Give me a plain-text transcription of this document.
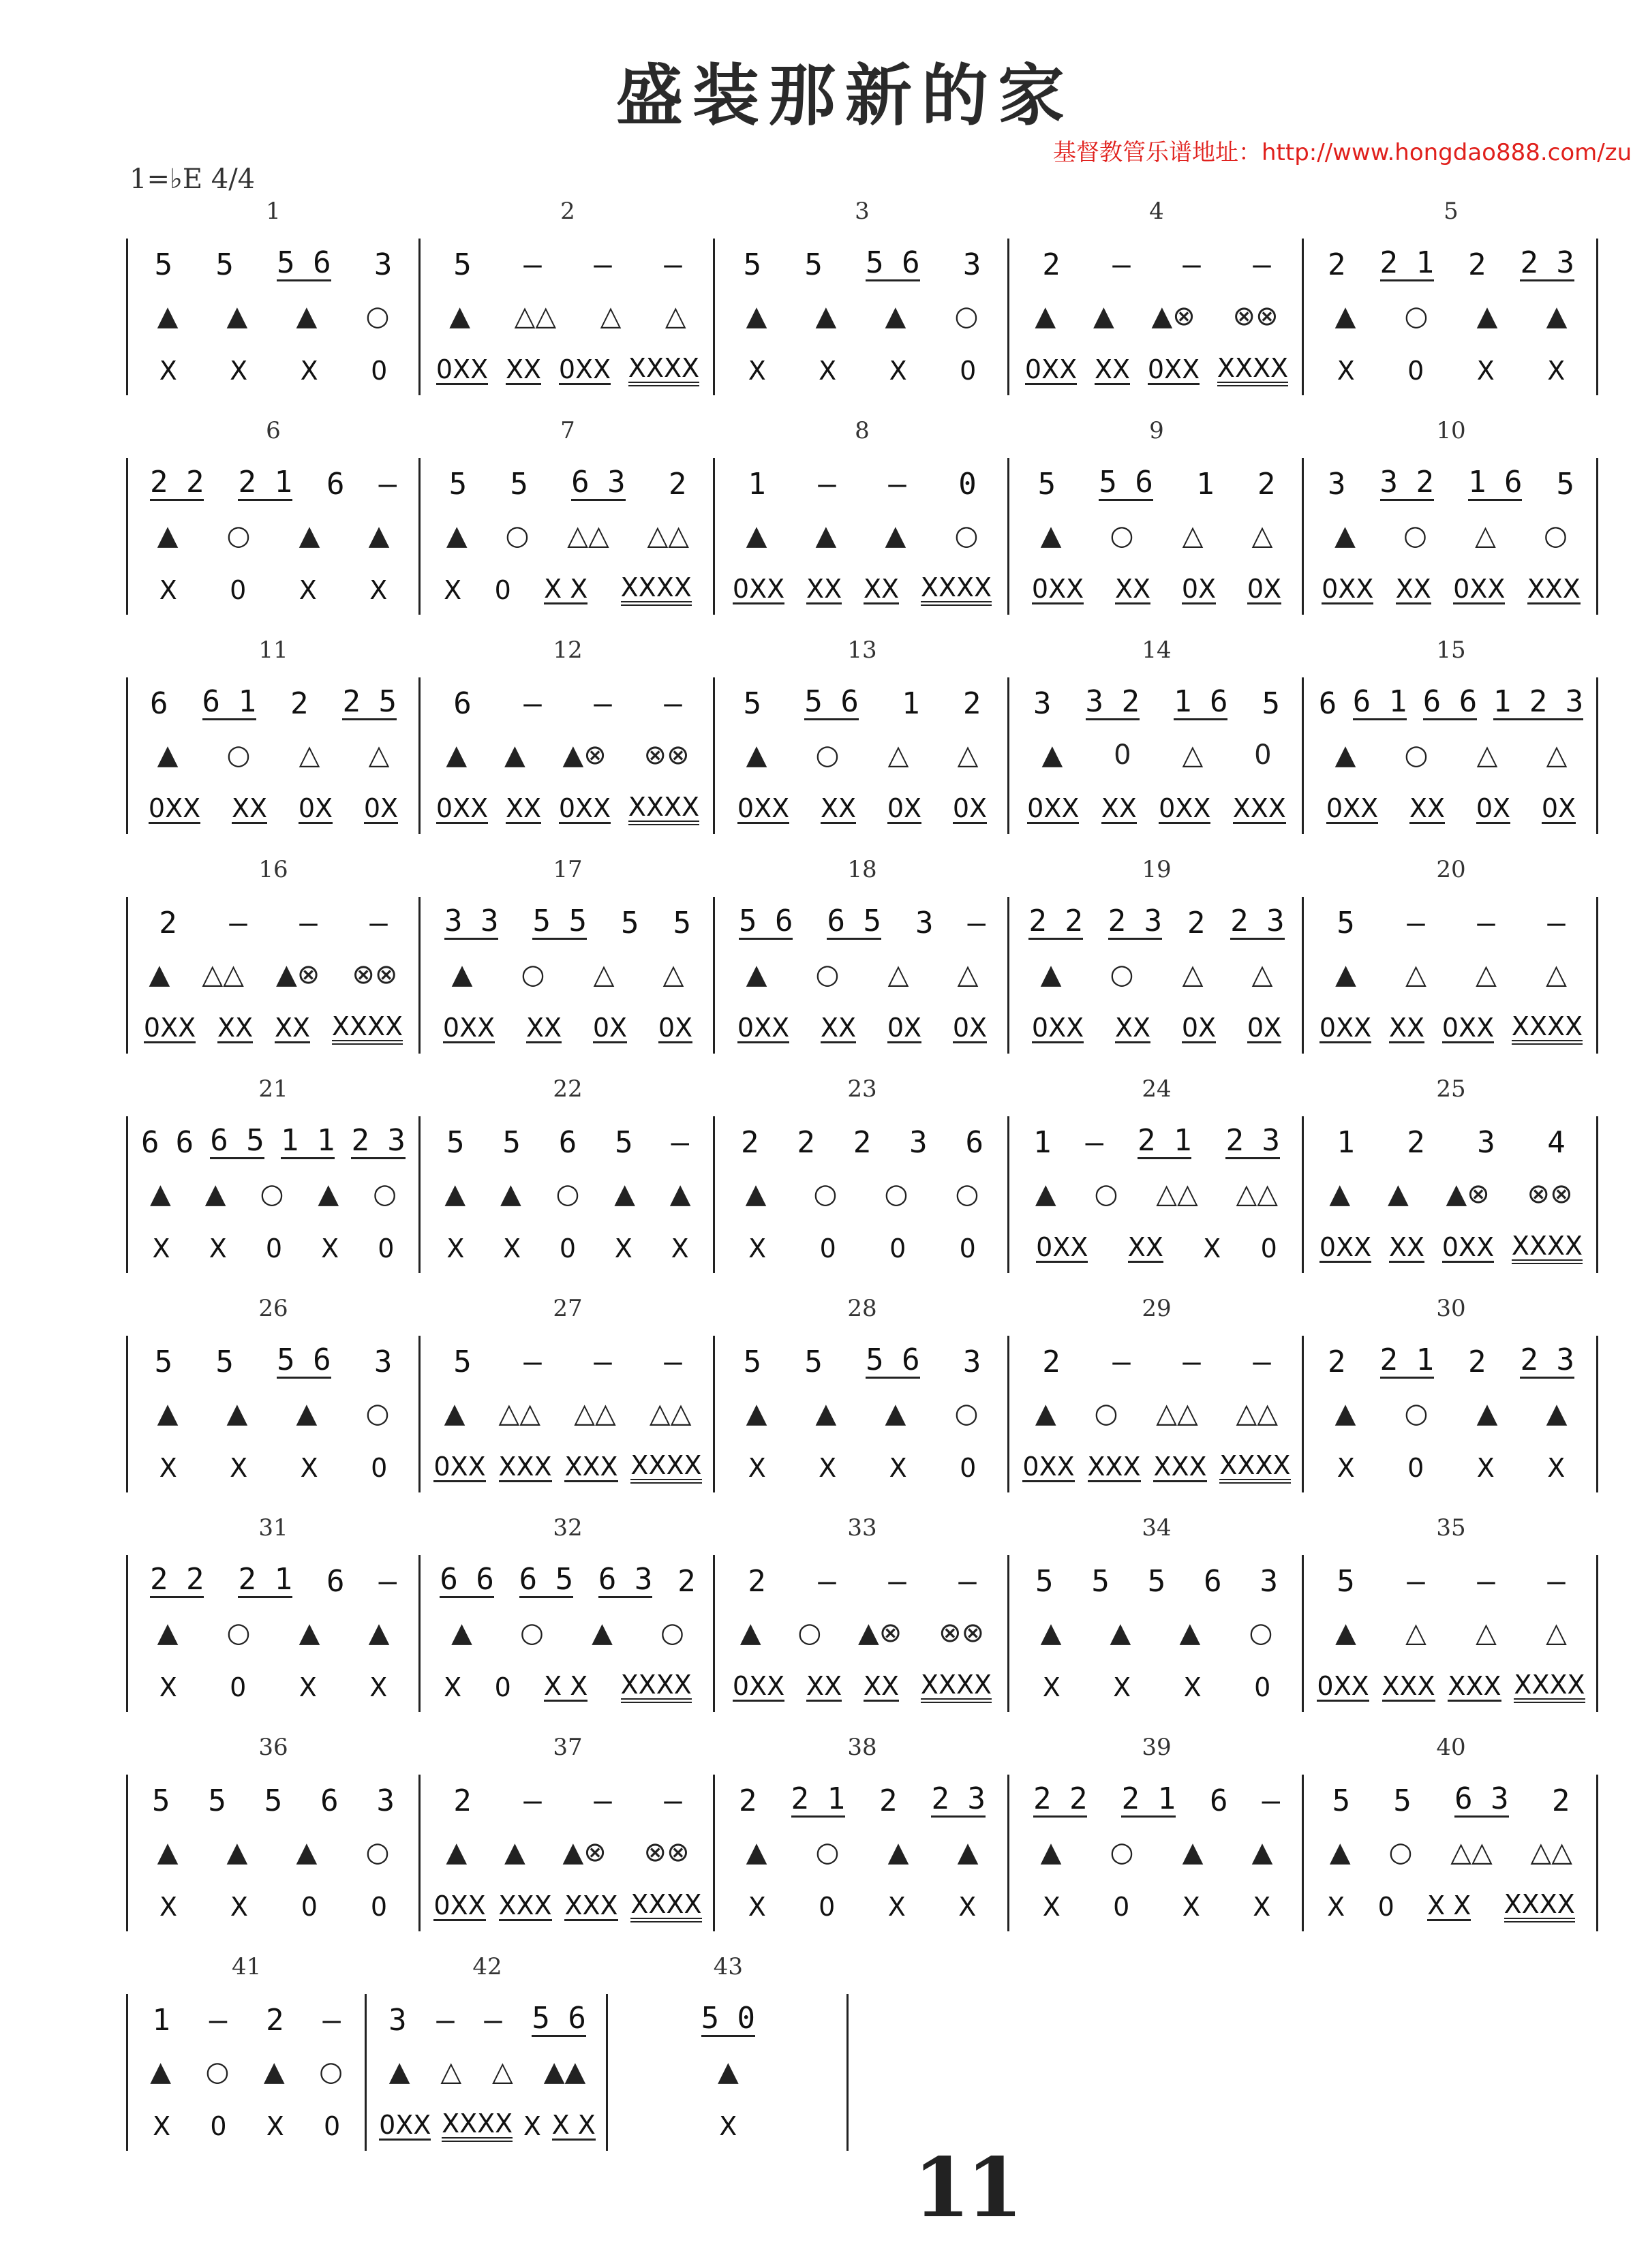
盛装那新的家
基督教管乐谱地址：http://www.hongdao888.com/zu
1=♭E 4/4
1
5 5 5 6 3
▲ ▲ ▲ ○
X X X 0
2
5 – – –
▲ △△ △ △
0XX XX 0XX XXXX
3
5 5 5 6 3
▲ ▲ ▲ ○
X X X 0
4
2 – – –
▲ ▲ ▲⊗ ⊗⊗
0XX XX 0XX XXXX
5
2 2 1 2 2 3
▲ ○ ▲ ▲
X 0 X X
6
2 2 2 1 6 –
▲ ○ ▲ ▲
X 0 X X
7
5 5 6 3 2
▲ ○ △△ △△
X 0 X X XXXX
8
1 – – 0
▲ ▲ ▲ ○
0XX XX XX XXXX
9
5 5 6 1 2
▲ ○ △ △
0XX XX 0X 0X
10
3 3 2 1 6 5
▲ ○ △ ○
0XX XX 0XX XXX
11
6 6 1 2 2 5
▲ ○ △ △
0XX XX 0X 0X
12
6 – – –
▲ ▲ ▲⊗ ⊗⊗
0XX XX 0XX XXXX
13
5 5 6 1 2
▲ ○ △ △
0XX XX 0X 0X
14
3 3 2 1 6 5
▲ 0 △ 0
0XX XX 0XX XXX
15
6 6 1 6 6 1 2 3
▲ ○ △ △
0XX XX 0X 0X
16
2 – – –
▲ △△ ▲⊗ ⊗⊗
0XX XX XX XXXX
17
3 3 5 5 5 5
▲ ○ △ △
0XX XX 0X 0X
18
5 6 6 5 3 –
▲ ○ △ △
0XX XX 0X 0X
19
2 2 2 3 2 2 3
▲ ○ △ △
0XX XX 0X 0X
20
5 – – –
▲ △ △ △
0XX XX 0XX XXXX
21
6 6 6 5 1 1 2 3
▲ ▲ ○ ▲ ○
X X 0 X 0
22
5 5 6 5 –
▲ ▲ ○ ▲ ▲
X X 0 X X
23
2 2 2 3 6
▲ ○ ○ ○
X 0 0 0
24
1 – 2 1 2 3
▲ ○ △△ △△
0XX XX X 0
25
1 2 3 4
▲ ▲ ▲⊗ ⊗⊗
0XX XX 0XX XXXX
26
5 5 5 6 3
▲ ▲ ▲ ○
X X X 0
27
5 – – –
▲ △△ △△ △△
0XX XXX XXX XXXX
28
5 5 5 6 3
▲ ▲ ▲ ○
X X X 0
29
2 – – –
▲ ○ △△ △△
0XX XXX XXX XXXX
30
2 2 1 2 2 3
▲ ○ ▲ ▲
X 0 X X
31
2 2 2 1 6 –
▲ ○ ▲ ▲
X 0 X X
32
6 6 6 5 6 3 2
▲ ○ ▲ ○
X 0 X X XXXX
33
2 – – –
▲ ○ ▲⊗ ⊗⊗
0XX XX XX XXXX
34
5 5 5 6 3
▲ ▲ ▲ ○
X X X 0
35
5 – – –
▲ △ △ △
0XX XXX XXX XXXX
36
5 5 5 6 3
▲ ▲ ▲ ○
X X 0 0
37
2 – – –
▲ ▲ ▲⊗ ⊗⊗
0XX XXX XXX XXXX
38
2 2 1 2 2 3
▲ ○ ▲ ▲
X 0 X X
39
2 2 2 1 6 –
▲ ○ ▲ ▲
X 0 X X
40
5 5 6 3 2
▲ ○ △△ △△
X 0 X X XXXX
41
1 – 2 –
▲ ○ ▲ ○
X 0 X 0
42
3 – – 5 6
▲ △ △ ▲▲
0XX XXXX X X X
43
5 0
▲
X
11
